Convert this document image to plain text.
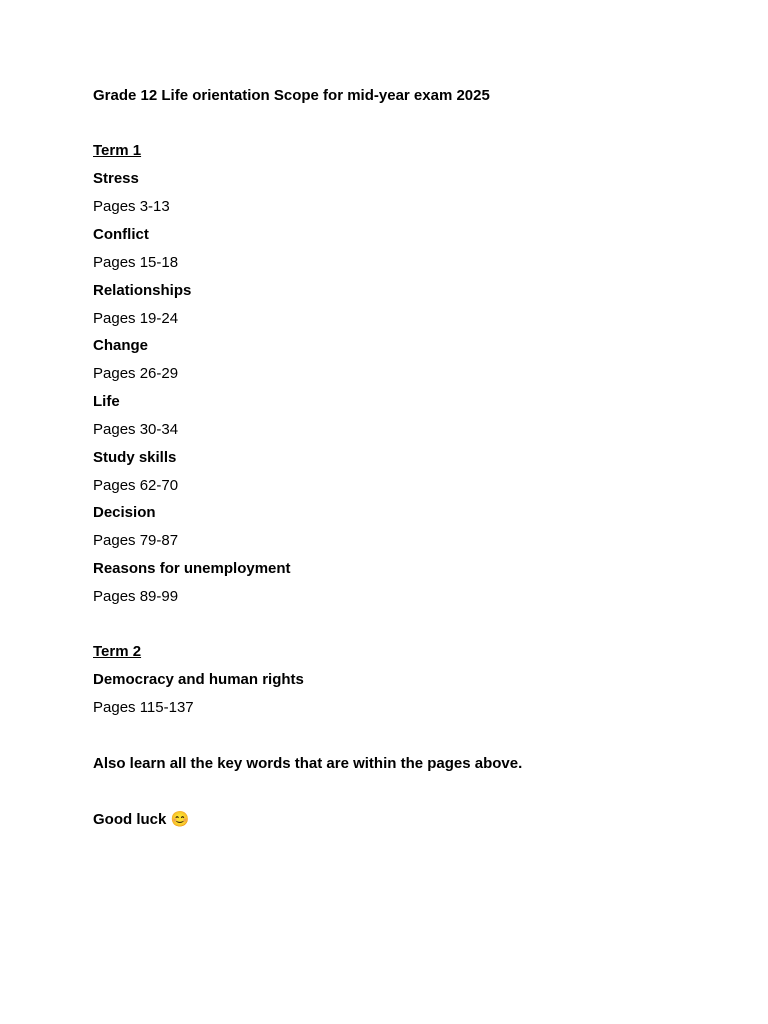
Grade 12 Life orientation Scope for mid-year exam 2025
Term 1
Stress
Pages 3-13
Conflict
Pages 15-18
Relationships
Pages 19-24
Change
Pages 26-29
Life
Pages 30-34
Study skills
Pages 62-70
Decision
Pages 79-87
Reasons for unemployment
Pages 89-99
Term 2
Democracy and human rights
Pages 115-137
Also learn all the key words that are within the pages above.
Good luck 😊
